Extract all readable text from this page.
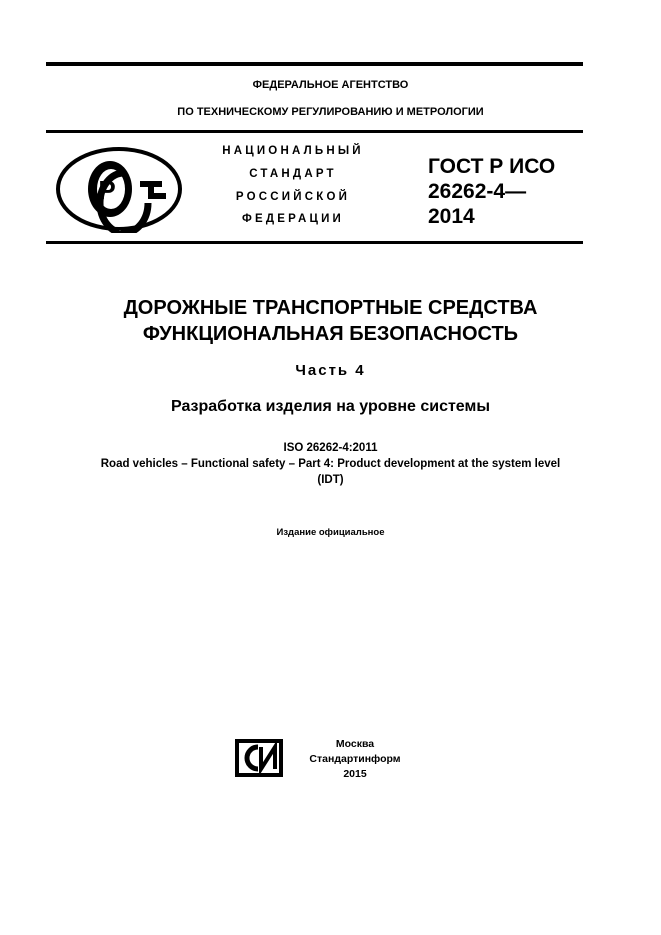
ФЕДЕРАЛЬНОЕ АГЕНТСТВО
ПО ТЕХНИЧЕСКОМУ РЕГУЛИРОВАНИЮ И МЕТРОЛОГИИ
Р
РСТ
НАЦИОНАЛЬНЫЙ
СТАНДАРТ
РОССИЙСКОЙ
ФЕДЕРАЦИИ
ГОСТ Р ИСО
26262-4—
2014
ДОРОЖНЫЕ ТРАНСПОРТНЫЕ СРЕДСТВА
ФУНКЦИОНАЛЬНАЯ БЕЗОПАСНОСТЬ
Часть 4
Разработка изделия на уровне системы
ISO 26262-4:2011
Road vehicles – Functional safety – Part 4: Product development at the system level
(IDT)
Издание официальное
СИ
Москва
Стандартинформ
2015
